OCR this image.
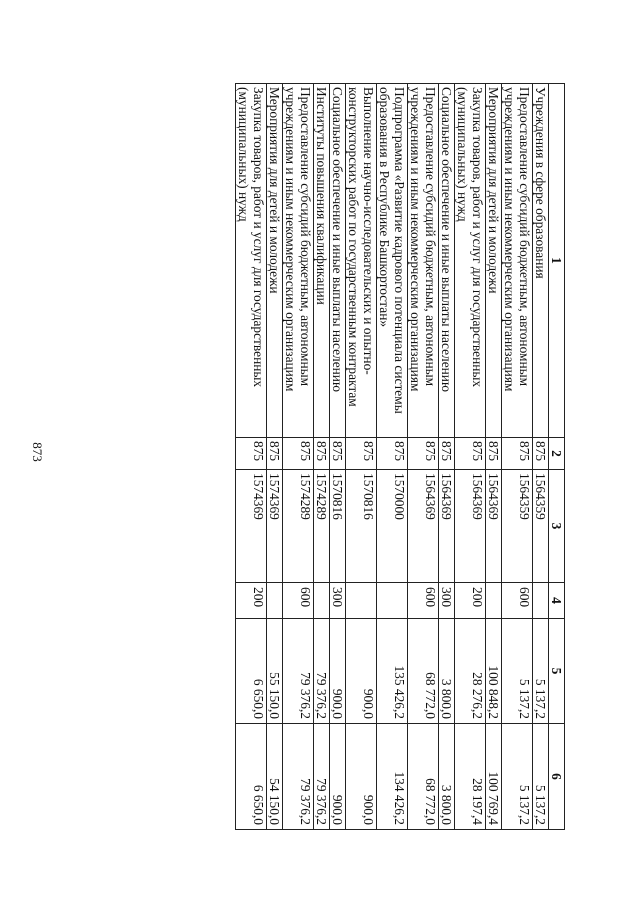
873
1	2	3	4	5	6
Учреждения в сфере образования	875	1564359		5 137,2	5 137,2
Предоставление субсидий бюджетным, автономным учреждениям и иным некоммерческим организациям	875	1564359	600	5 137,2	5 137,2
Мероприятия для детей и молодежи	875	1564369		100 848,2	100 769,4
Закупка товаров, работ и услуг для государственных (муниципальных) нужд	875	1564369	200	28 276,2	28 197,4
Социальное обеспечение и иные выплаты населению	875	1564369	300	3 800,0	3 800,0
Предоставление субсидий бюджетным, автономным учреждениям и иным некоммерческим организациям	875	1564369	600	68 772,0	68 772,0
Подпрограмма «Развитие кадрового потенциала системы образования в Республике Башкортостан»	875	1570000		135 426,2	134 426,2
Выполнение научно-исследовательских и опытно-конструкторских работ по государственным контрактам	875	1570816		900,0	900,0
Социальное обеспечение и иные выплаты населению	875	1570816	300	900,0	900,0
Институты повышения квалификации	875	1574289		79 376,2	79 376,2
Предоставление субсидий бюджетным, автономным учреждениям и иным некоммерческим организациям	875	1574289	600	79 376,2	79 376,2
Мероприятия для детей и молодежи	875	1574369		55 150,0	54 150,0
Закупка товаров, работ и услуг для государственных (муниципальных) нужд	875	1574369	200	6 650,0	6 650,0
